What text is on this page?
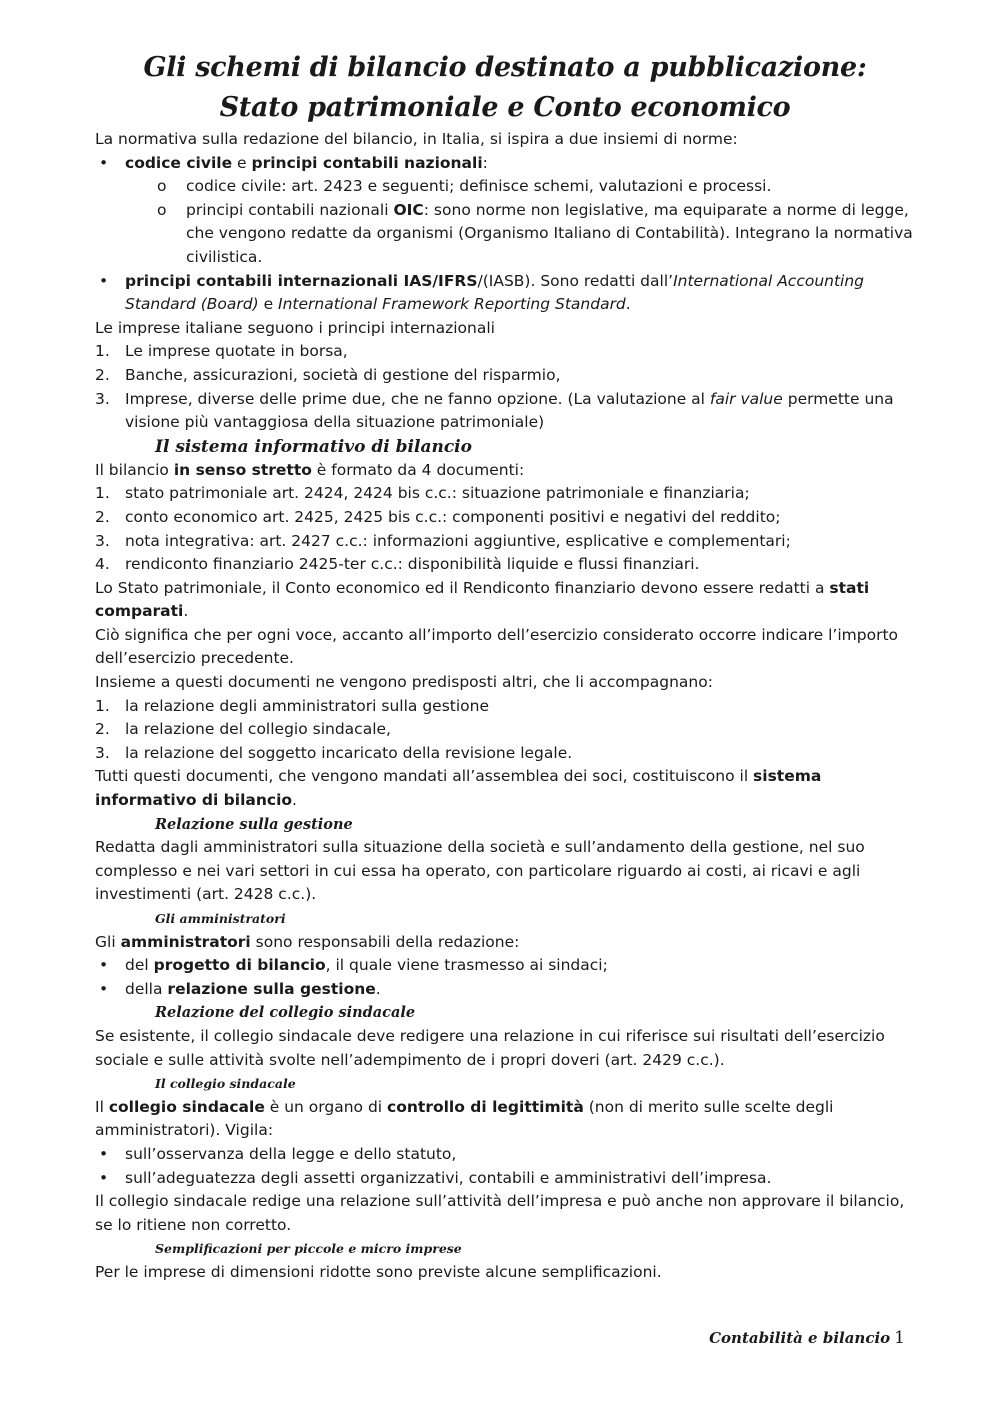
Gli schemi di bilancio destinato a pubblicazione:
Stato patrimoniale e Conto economico

La normativa sulla redazione del bilancio, in Italia, si ispira a due insiemi di norme:

• codice civile e principi contabili nazionali:
o codice civile: art. 2423 e seguenti; definisce schemi, valutazioni e processi.
o principi contabili nazionali OIC: sono norme non legislative, ma equiparate a norme di legge, che vengono redatte da organismi (Organismo Italiano di Contabilità). Integrano la normativa civilistica.
• principi contabili internazionali IAS/IFRS/(IASB). Sono redatti dall’International Accounting Standard (Board) e International Framework Reporting Standard.

Le imprese italiane seguono i principi internazionali

1. Le imprese quotate in borsa,
2. Banche, assicurazioni, società di gestione del risparmio,
3. Imprese, diverse delle prime due, che ne fanno opzione. (La valutazione al fair value permette una visione più vantaggiosa della situazione patrimoniale)
Il sistema informativo di bilancio

Il bilancio in senso stretto è formato da 4 documenti:

1. stato patrimoniale art. 2424, 2424 bis c.c.: situazione patrimoniale e finanziaria;
2. conto economico art. 2425, 2425 bis c.c.: componenti positivi e negativi del reddito;
3. nota integrativa: art. 2427 c.c.: informazioni aggiuntive, esplicative e complementari;
4. rendiconto finanziario 2425-ter c.c.: disponibilità liquide e flussi finanziari.

Lo Stato patrimoniale, il Conto economico ed il Rendiconto finanziario devono essere redatti a stati comparati.

Ciò significa che per ogni voce, accanto all’importo dell’esercizio considerato occorre indicare l’importo dell’esercizio precedente.

Insieme a questi documenti ne vengono predisposti altri, che li accompagnano:

1. la relazione degli amministratori sulla gestione
2. la relazione del collegio sindacale,
3. la relazione del soggetto incaricato della revisione legale.

Tutti questi documenti, che vengono mandati all’assemblea dei soci, costituiscono il sistema informativo di bilancio.

Relazione sulla gestione

Redatta dagli amministratori sulla situazione della società e sull’andamento della gestione, nel suo complesso e nei vari settori in cui essa ha operato, con particolare riguardo ai costi, ai ricavi e agli investimenti (art. 2428 c.c.).

Gli amministratori

Gli amministratori sono responsabili della redazione:

• del progetto di bilancio, il quale viene trasmesso ai sindaci;
• della relazione sulla gestione.
Relazione del collegio sindacale

Se esistente, il collegio sindacale deve redigere una relazione in cui riferisce sui risultati dell’esercizio sociale e sulle attività svolte nell’adempimento de i propri doveri (art. 2429 c.c.).

Il collegio sindacale

Il collegio sindacale è un organo di controllo di legittimità (non di merito sulle scelte degli amministratori). Vigila:

• sull’osservanza della legge e dello statuto,
• sull’adeguatezza degli assetti organizzativi, contabili e amministrativi dell’impresa.

Il collegio sindacale redige una relazione sull’attività dell’impresa e può anche non approvare il bilancio, se lo ritiene non corretto.

Semplificazioni per piccole e micro imprese

Per le imprese di dimensioni ridotte sono previste alcune semplificazioni.

Contabilità e bilancio 1
